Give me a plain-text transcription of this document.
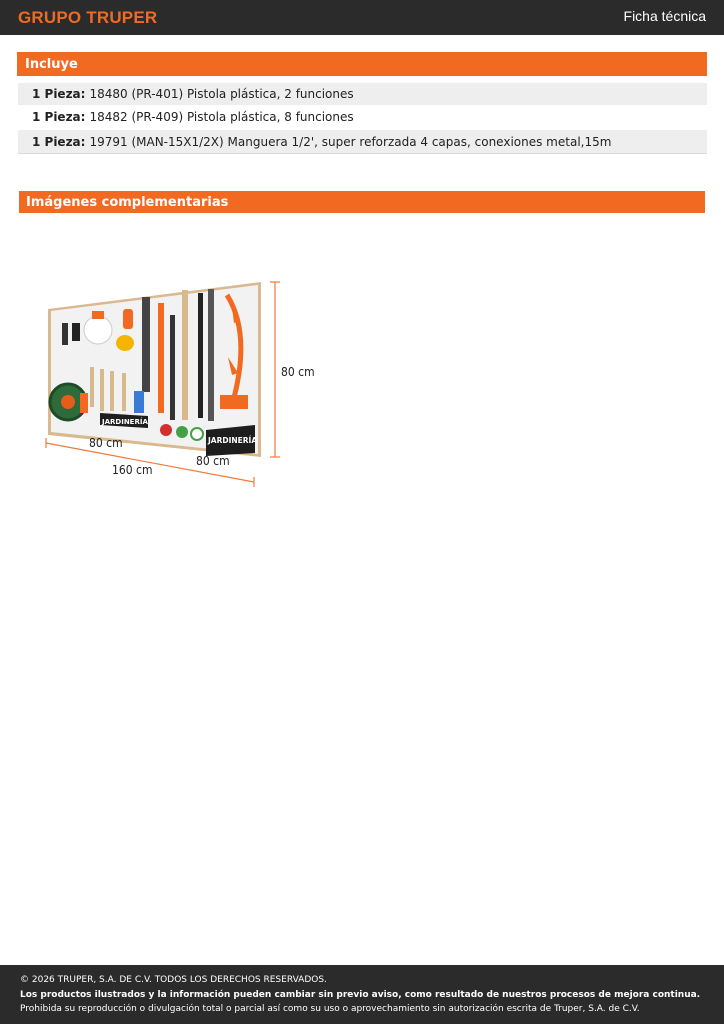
GRUPO TRUPER	Ficha técnica
Incluye
1 Pieza: 18480 (PR-401) Pistola plástica, 2 funciones
1 Pieza: 18482 (PR-409) Pistola plástica, 8 funciones
1 Pieza: 19791 (MAN-15X1/2X) Manguera 1/2', super reforzada 4 capas, conexiones metal,15m
Imágenes complementarias
JARDINERÍA
JARDINERÍA
80 cm
80 cm
80 cm
160 cm
© 2026 TRUPER, S.A. DE C.V. TODOS LOS DERECHOS RESERVADOS.
Los productos ilustrados y la información pueden cambiar sin previo aviso, como resultado de nuestros procesos de mejora continua.
Prohibida su reproducción o divulgación total o parcial así como su uso o aprovechamiento sin autorización escrita de Truper, S.A. de C.V.
